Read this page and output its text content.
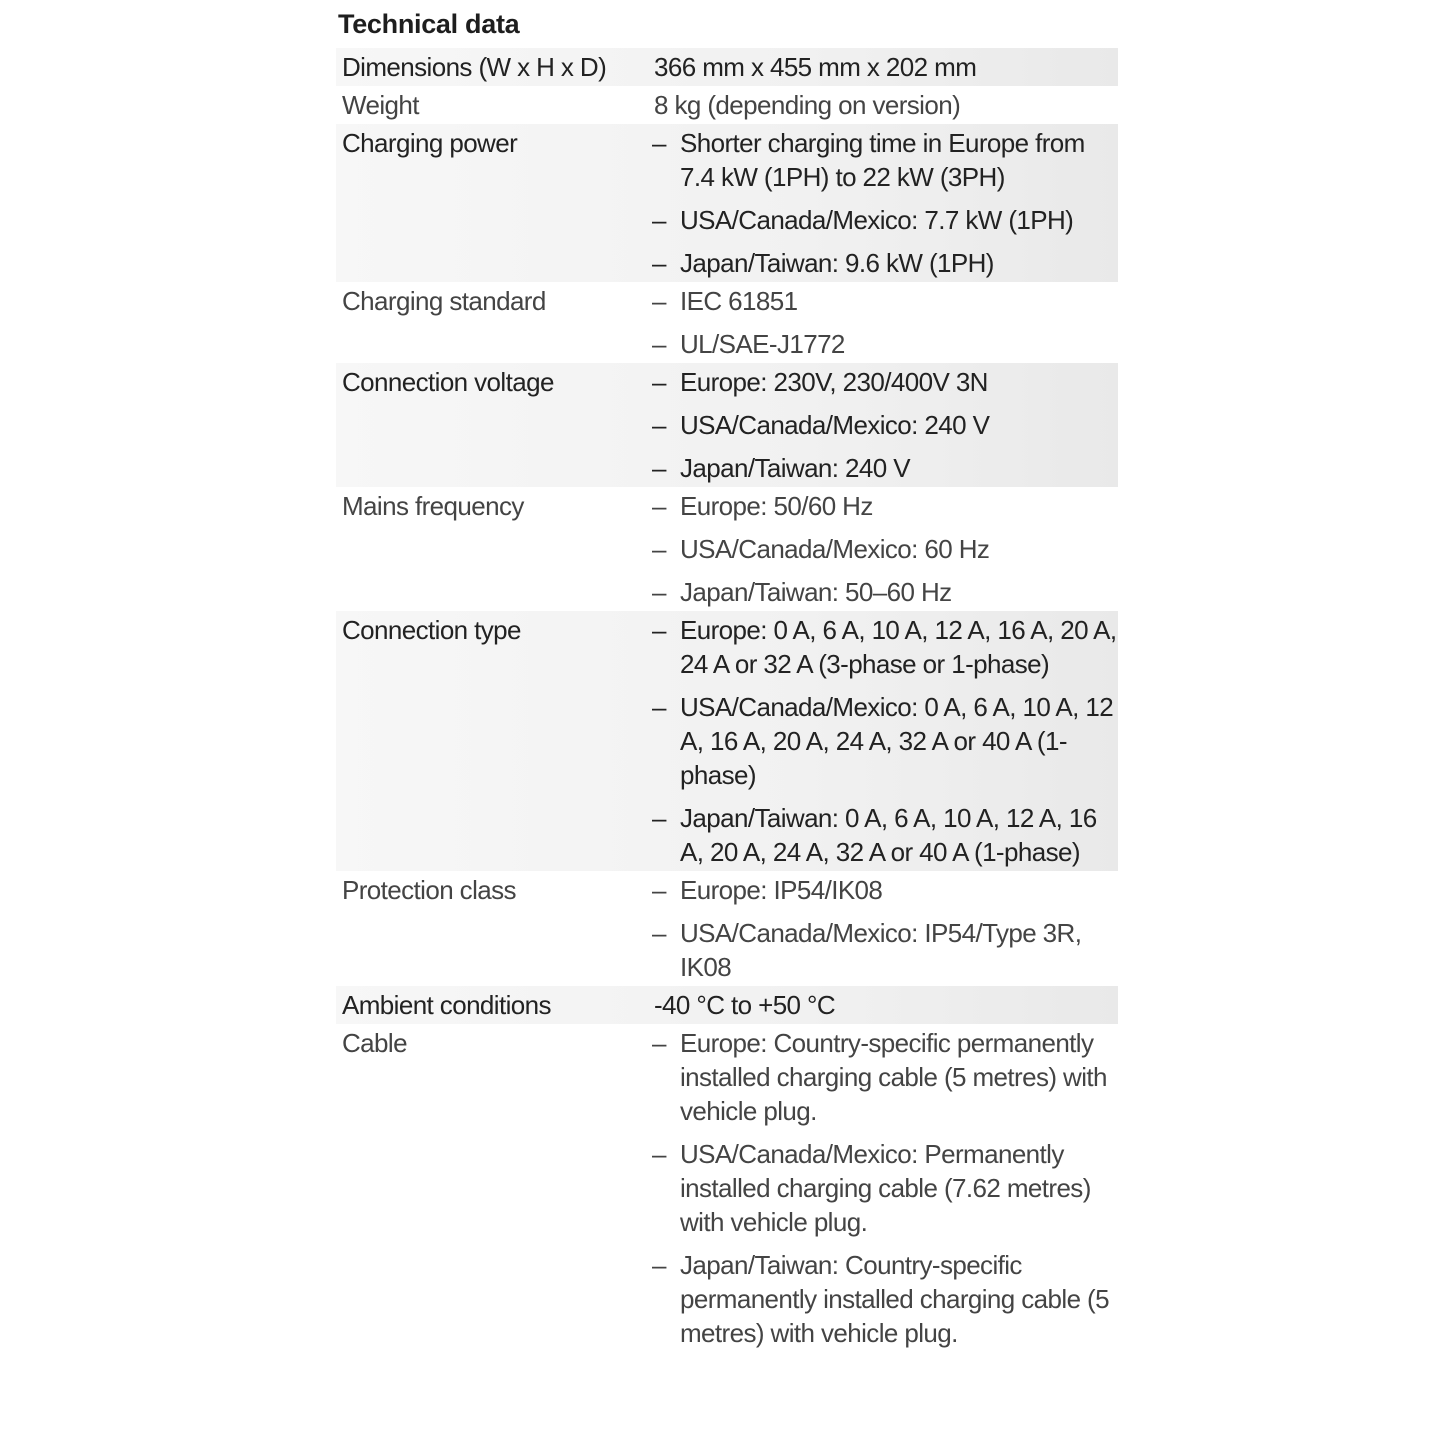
Technical data
Dimensions (W x H x D)	366 mm x 455 mm x 202 mm
Weight	8 kg (depending on version)
Charging power	– Shorter charging time in Europe from 7.4 kW (1PH) to 22 kW (3PH)
– USA/Canada/Mexico: 7.7 kW (1PH)
– Japan/Taiwan: 9.6 kW (1PH)
Charging standard	– IEC 61851
– UL/SAE-J1772
Connection voltage	– Europe: 230V, 230/400V 3N
– USA/Canada/Mexico: 240 V
– Japan/Taiwan: 240 V
Mains frequency	– Europe: 50/60 Hz
– USA/Canada/Mexico: 60 Hz
– Japan/Taiwan: 50–60 Hz
Connection type	– Europe: 0 A, 6 A, 10 A, 12 A, 16 A, 20 A, 24 A or 32 A (3-phase or 1-phase)
– USA/Canada/Mexico: 0 A, 6 A, 10 A, 12 A, 16 A, 20 A, 24 A, 32 A or 40 A (1-phase)
– Japan/Taiwan: 0 A, 6 A, 10 A, 12 A, 16 A, 20 A, 24 A, 32 A or 40 A (1-phase)
Protection class	– Europe: IP54/IK08
– USA/Canada/Mexico: IP54/Type 3R, IK08
Ambient conditions	-40 °C to +50 °C
Cable	– Europe: Country-specific permanently installed charging cable (5 metres) with vehicle plug.
– USA/Canada/Mexico: Permanently installed charging cable (7.62 metres) with vehicle plug.
– Japan/Taiwan: Country-specific permanently installed charging cable (5 metres) with vehicle plug.
